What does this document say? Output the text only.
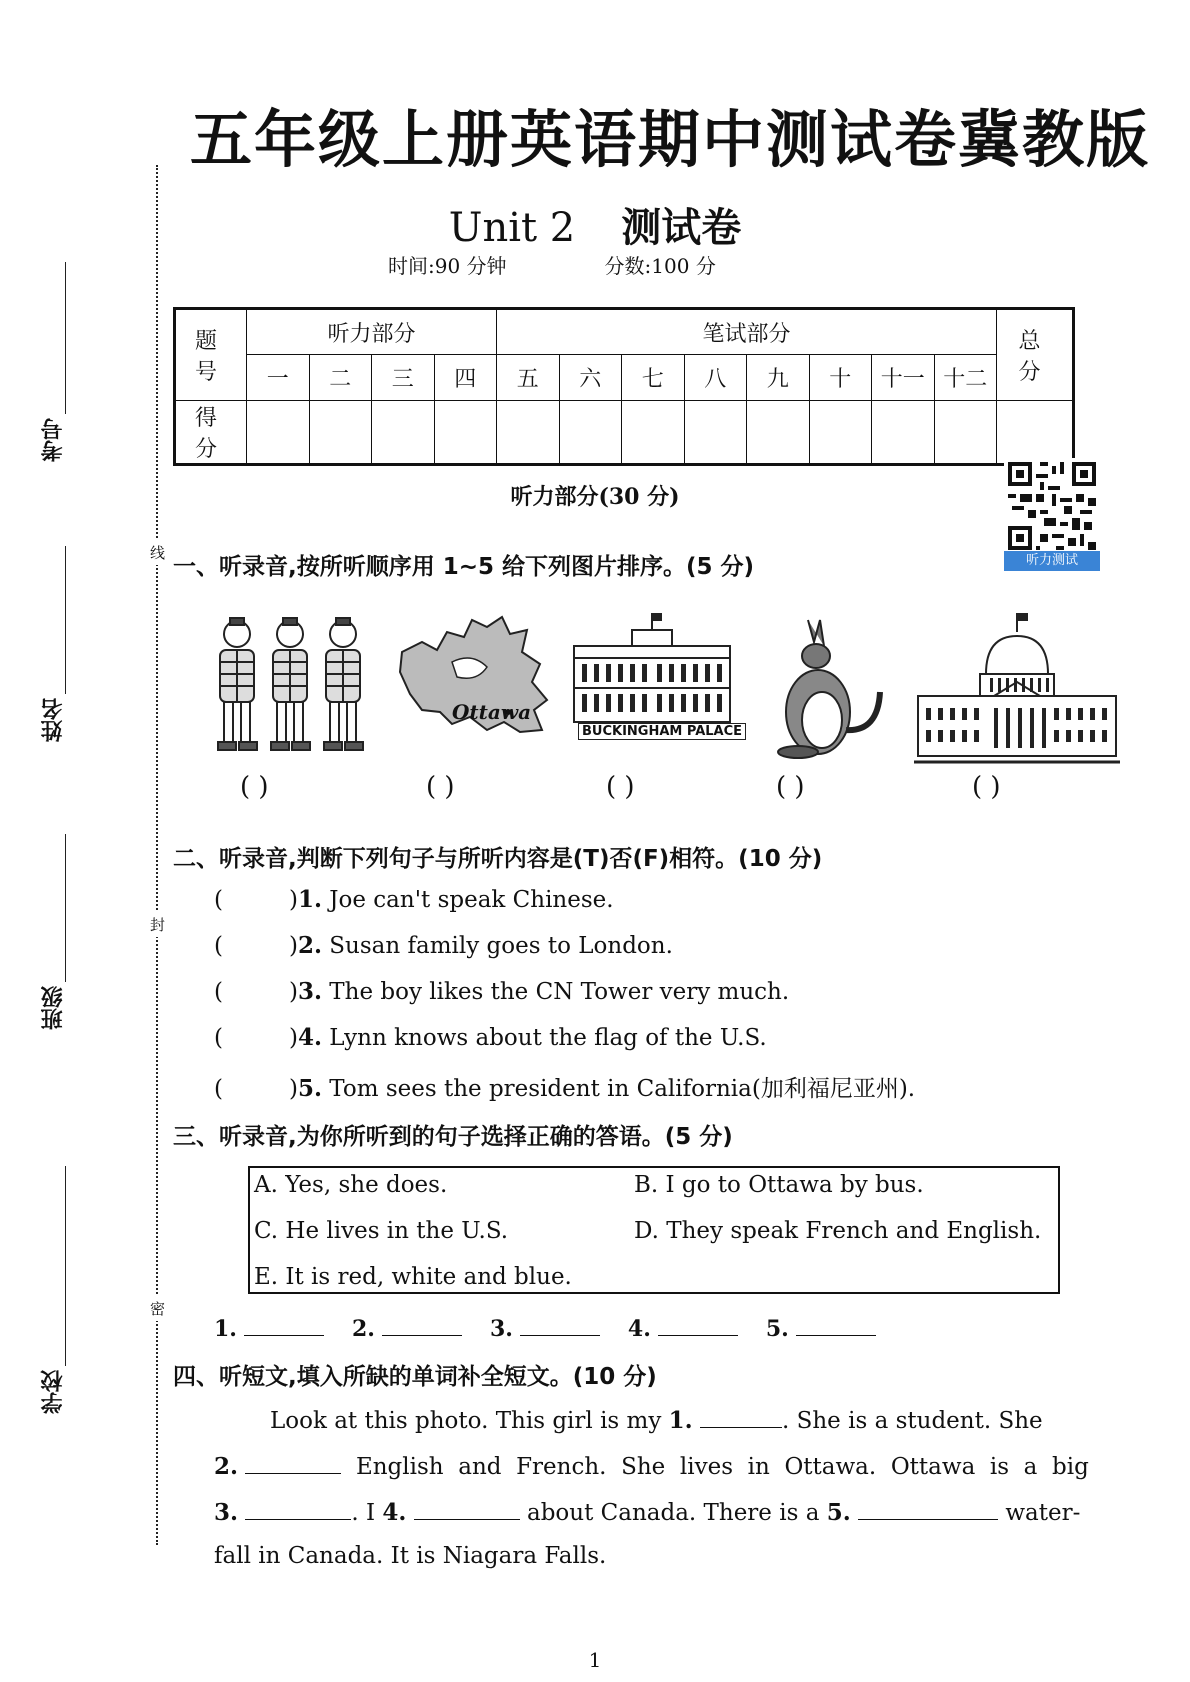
五年级上册英语期中测试卷冀教版
Unit 2 测试卷
时间:90 分钟	分数:100 分
线
封
密
考号
姓名
班级
学校
题 号	听力部分				笔试部分								总 分
	一	二	三	四	五	六	七	八	九	十	十一	十二	
得 分													
听力测试
听力部分(30 分)
一、听录音,按所听顺序用 1~5 给下列图片排序。(5 分)
Ottawa
BUCKINGHAM PALACE
( )	( )	( )	( )	( )
二、听录音,判断下列句子与所听内容是(T)否(F)相符。(10 分)
(	)1. Joe can't speak Chinese.
(	)2. Susan family goes to London.
(	)3. The boy likes the CN Tower very much.
(	)4. Lynn knows about the flag of the U.S.
(	)5. Tom sees the president in California(加利福尼亚州).
三、听录音,为你所听到的句子选择正确的答语。(5 分)
A. Yes, she does.	B. I go to Ottawa by bus.
C. He lives in the U.S.	D. They speak French and English.
E. It is red, white and blue.
1.	2.	3.	4.	5.
四、听短文,填入所缺的单词补全短文。(10 分)
Look at this photo. This girl is my 1.	. She is a student. She
2.	English  and  French.  She  lives  in  Ottawa.  Ottawa  is  a  big
3.	. I 4.	about Canada. There is a 5.	water-
fall in Canada. It is Niagara Falls.
1
